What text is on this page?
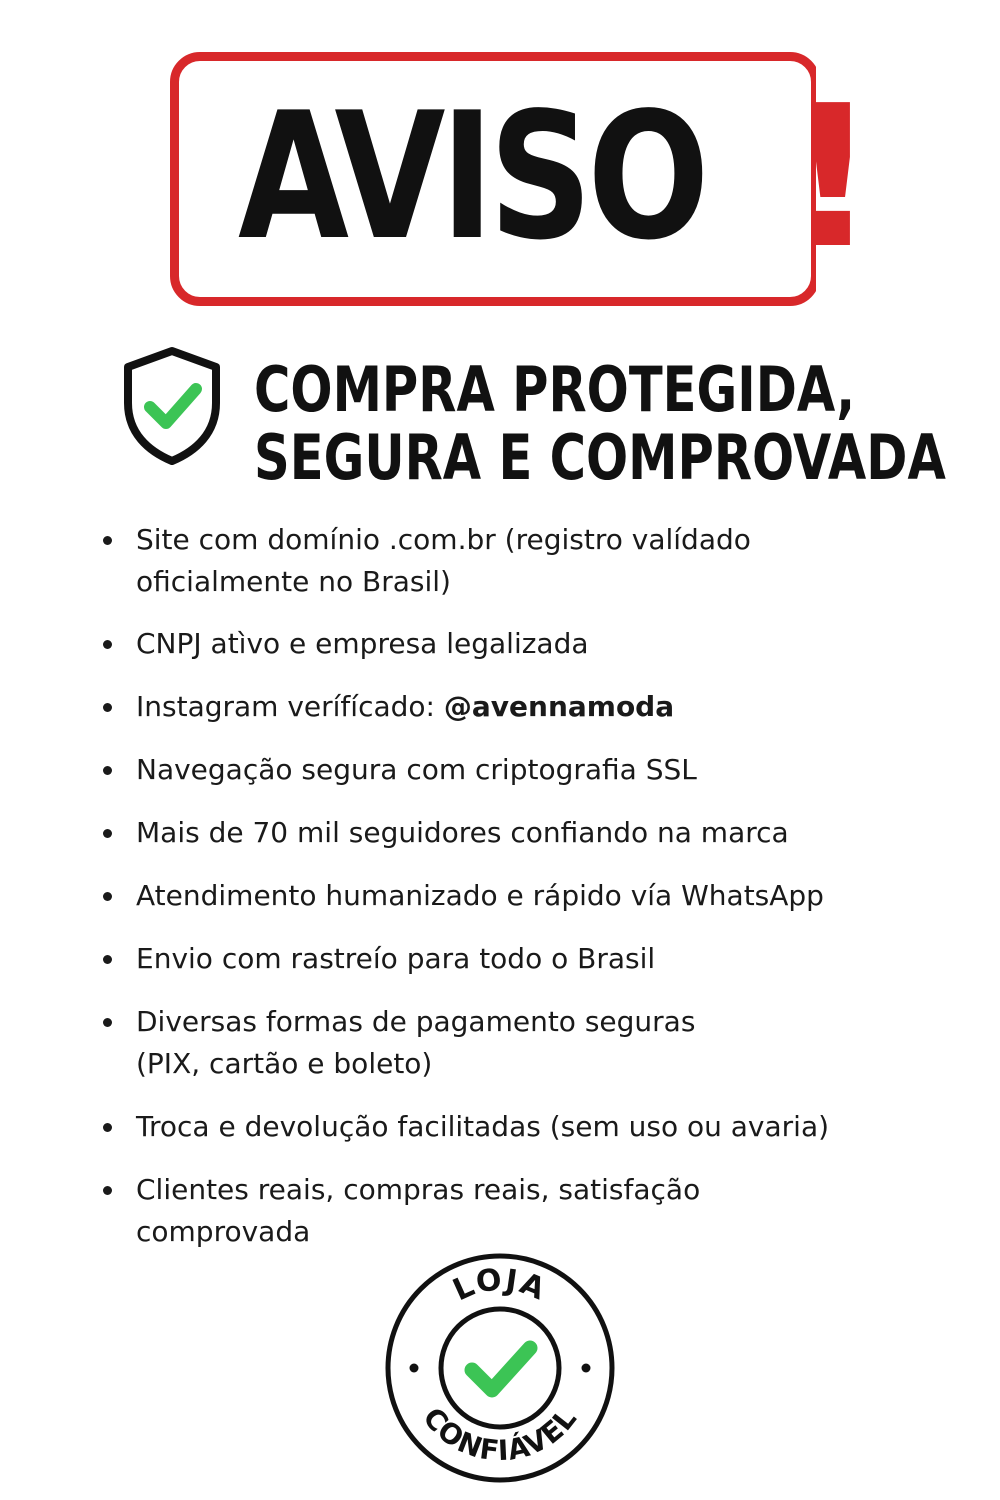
AVISO !
COMPRA PROTEGIDA,
SEGURA E COMPROVADA
Site com domínio .com.br (registro valídado oficialmente no Brasil)
CNPJ atìvo e empresa legalizada
Instagram verífícado: @avennamoda
Navegação segura com criptografia SSL
Mais de 70 mil seguidores confiando na marca
Atendimento humanizado e rápido vía WhatsApp
Envio com rastreío para todo o Brasil
Diversas formas de pagamento seguras
(PIX, cartão e boleto)
Troca e devolução facilitadas (sem uso ou avaria)
Clientes reais, compras reais, satisfação comprovada
LOJA
CONFIÁVEL
